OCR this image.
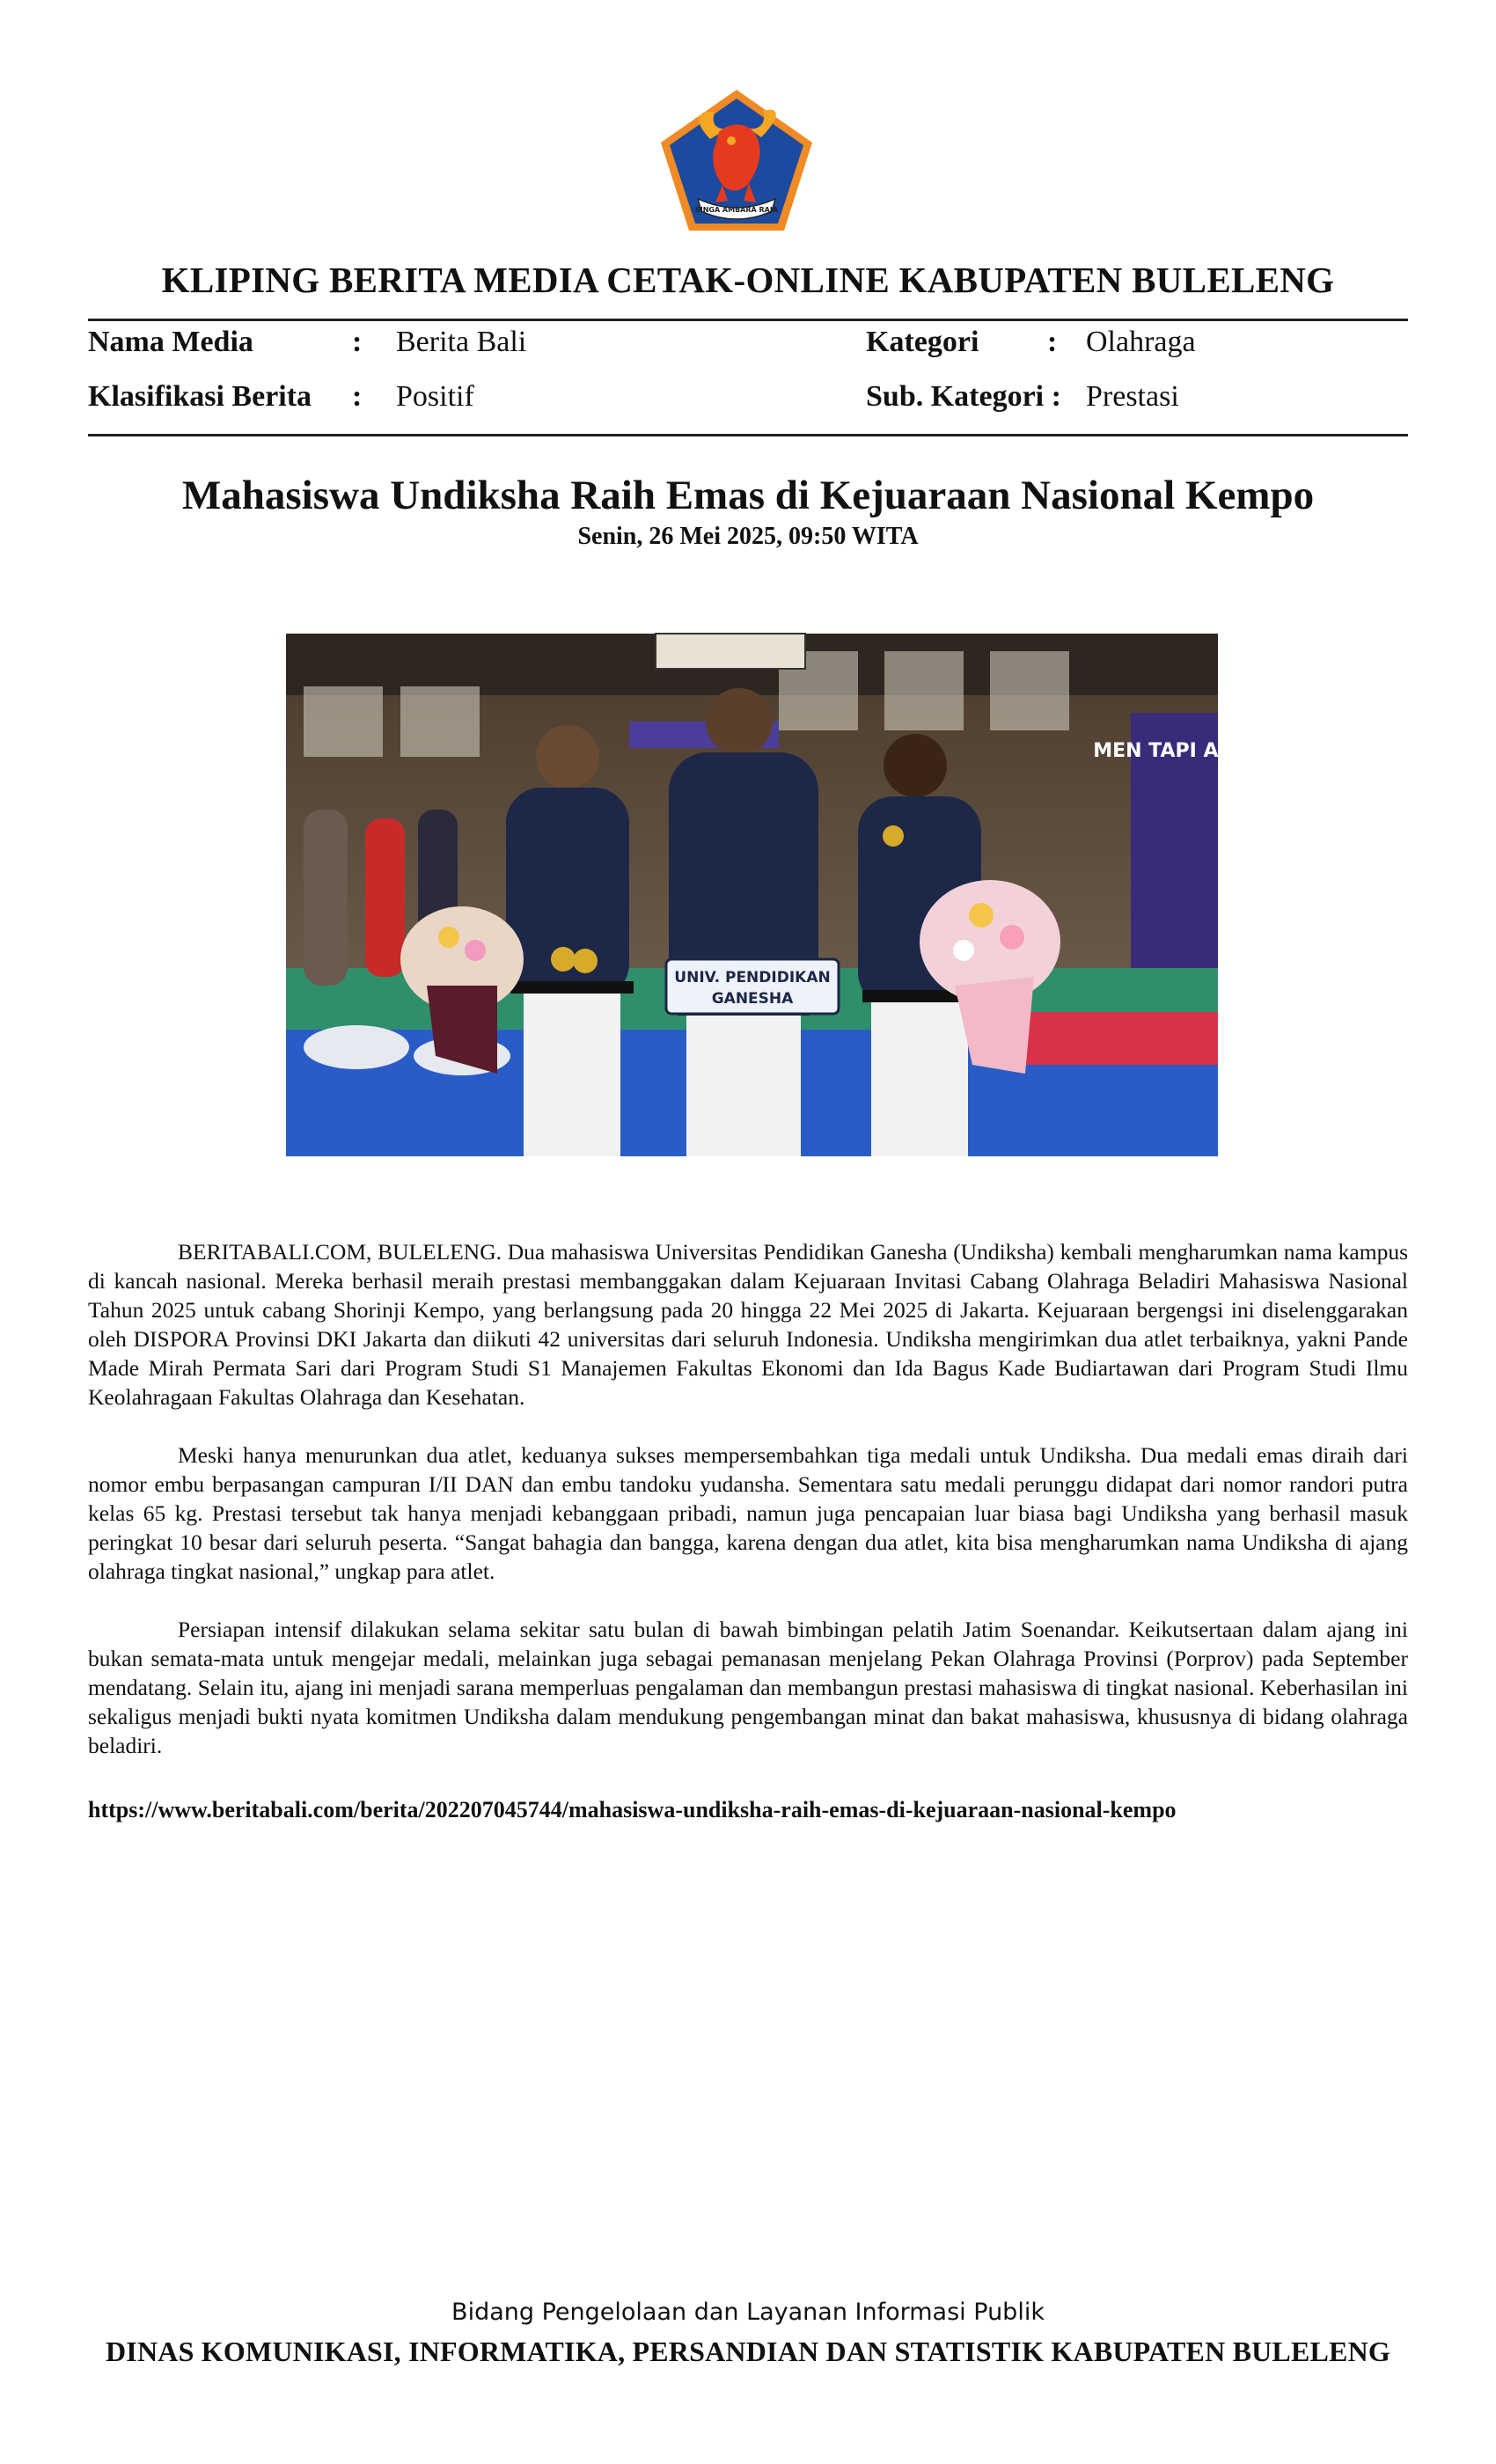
SINGA AMBARA RAJA
KLIPING BERITA MEDIA CETAK-ONLINE KABUPATEN BULELENG
Nama Media	: Berita Bali
Klasifikasi Berita : Positif
Kategori : Olahraga
Sub. Kategori : Prestasi
Mahasiswa Undiksha Raih Emas di Kejuaraan Nasional Kempo
Senin, 26 Mei 2025, 09:50 WITA
MEN TAPI ADA
UNIV. PENDIDIKAN
GANESHA

BERITABALI.COM, BULELENG. Dua mahasiswa Universitas Pendidikan Ganesha (Undiksha) kembali mengharumkan nama kampus di kancah nasional. Mereka berhasil meraih prestasi membanggakan dalam Kejuaraan Invitasi Cabang Olahraga Beladiri Mahasiswa Nasional Tahun 2025 untuk cabang Shorinji Kempo, yang berlangsung pada 20 hingga 22 Mei 2025 di Jakarta. Kejuaraan bergengsi ini diselenggarakan oleh DISPORA Provinsi DKI Jakarta dan diikuti 42 universitas dari seluruh Indonesia. Undiksha mengirimkan dua atlet terbaiknya, yakni Pande Made Mirah Permata Sari dari Program Studi S1 Manajemen Fakultas Ekonomi dan Ida Bagus Kade Budiartawan dari Program Studi Ilmu Keolahragaan Fakultas Olahraga dan Kesehatan.

Meski hanya menurunkan dua atlet, keduanya sukses mempersembahkan tiga medali untuk Undiksha. Dua medali emas diraih dari nomor embu berpasangan campuran I/II DAN dan embu tandoku yudansha. Sementara satu medali perunggu didapat dari nomor randori putra kelas 65 kg. Prestasi tersebut tak hanya menjadi kebanggaan pribadi, namun juga pencapaian luar biasa bagi Undiksha yang berhasil masuk peringkat 10 besar dari seluruh peserta. “Sangat bahagia dan bangga, karena dengan dua atlet, kita bisa mengharumkan nama Undiksha di ajang olahraga tingkat nasional,” ungkap para atlet.

Persiapan intensif dilakukan selama sekitar satu bulan di bawah bimbingan pelatih Jatim Soenandar. Keikutsertaan dalam ajang ini bukan semata-mata untuk mengejar medali, melainkan juga sebagai pemanasan menjelang Pekan Olahraga Provinsi (Porprov) pada September mendatang. Selain itu, ajang ini menjadi sarana memperluas pengalaman dan membangun prestasi mahasiswa di tingkat nasional. Keberhasilan ini sekaligus menjadi bukti nyata komitmen Undiksha dalam mendukung pengembangan minat dan bakat mahasiswa, khususnya di bidang olahraga beladiri.

https://www.beritabali.com/berita/202207045744/mahasiswa-undiksha-raih-emas-di-kejuaraan-nasional-kempo
Bidang Pengelolaan dan Layanan Informasi Publik
DINAS KOMUNIKASI, INFORMATIKA, PERSANDIAN DAN STATISTIK KABUPATEN BULELENG
